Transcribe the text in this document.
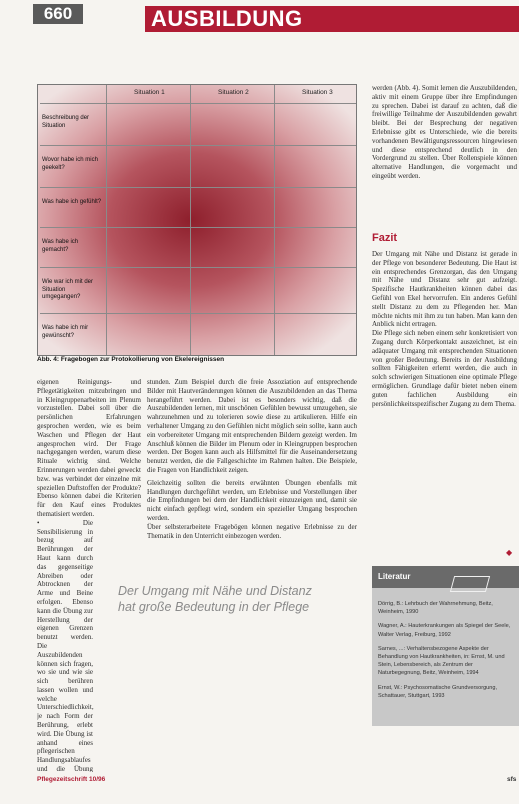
660	AUSBILDUNG
Situation 1	Situation 2	Situation 3
Beschreibung der Situation
Wovor habe ich mich geekelt?
Was habe ich gefühlt?
Was habe ich gemacht?
Wie war ich mit der Situation umgegangen?
Was habe ich mir gewünscht?
Abb. 4: Fragebogen zur Protokollierung von Ekelereignissen

eigenen Reinigungs- und Pflegetätigkeiten mitzubringen und in Kleingruppenarbeiten im Plenum vorzustellen. Dabei soll über die persönlichen Erfahrungen gesprochen werden, wie es beim Waschen und Pflegen der Haut angesprochen wird. Der Frage nachgegangen werden, warum diese Rituale wichtig sind. Welche Erinnerungen werden dabei geweckt bzw. was verbindet der einzelne mit speziellen Duftstoffen der Produkte? Ebenso können dabei die Kriterien für den Kauf eines Produktes thematisiert werden.

• Die Sensibilisierung in bezug auf Berührungen der Haut kann durch das gegenseitige Abreiben oder Abtrocknen der Arme und Beine erfolgen. Ebenso kann die Übung zur Herstellung der eigenen Grenzen benutzt werden. Die Auszubildenden können sich fragen, wo sie und wie sie sich berühren lassen wollen und welche Unterschiedlichkeit, je nach Form der Berührung, erlebt wird. Die Übung ist anhand eines pflegerischen Handlungsablaufes und die Übung

stunden. Zum Beispiel durch die freie Assoziation auf entsprechende Bilder mit Hautveränderungen können die Auszubildenden an das Thema herangeführt werden. Dabei ist es besonders wichtig, daß die Auszubildenden lernen, mit unschönen Gefühlen bewusst umzugehen, sie wahrzunehmen und zu tolerieren sowie diese zu artikulieren. Hilfe ein verhaltener Umgang zu den Gefühlen nicht möglich sein sollte, kann auch ein vorbereiteter Umgang mit entsprechenden Bildern gezeigt werden. Im Anschluß können die Bilder im Plenum oder in Kleingruppen besprochen werden. Der Bogen kann auch als Hilfsmittel für die Auseinandersetzung benutzt werden, die die Fallgeschichte im Rahmen halten. Die Beispiele, die Fragen von Handlichkeit zeigen.

Gleichzeitig sollten die bereits erwähnten Übungen ebenfalls mit Handlungen durchgeführt werden, um Erlebnisse und Vorstellungen über die Empfindungen bei dem der Handlichkeit einzuzeigen und, damit sie nicht einfach gepflegt wird, sondern ein spezieller Umgang besprochen werden.

Über selbsterarbeitete Fragebögen können negative Erlebnisse zu der Thematik in den Unterricht einbezogen werden.

Der Umgang mit Nähe und Distanz hat große Bedeutung in der Pflege

werden (Abb. 4). Somit lernen die Auszubildenden, aktiv mit einem Gruppe über ihre Empfindungen zu sprechen. Dabei ist darauf zu achten, daß die freiwillige Teilnahme der Auszubildenden gewahrt bleibt. Bei der Besprechung der negativen Erlebnisse gibt es Unterschiede, wie die bereits vorhandenen Bewältigungsressourcen hingewiesen und diese entsprechend deutlich in den Vordergrund zu stellen. Über Rollenspiele können alternative Handlungen, die vorgemacht und eingeübt werden.

Fazit

Der Umgang mit Nähe und Distanz ist gerade in der Pflege von besonderer Bedeutung. Die Haut ist ein entsprechendes Grenzorgan, das den Umgang mit Nähe und Distanz sehr gut aufzeigt. Spezifische Hautkrankheiten können dabei das Gefühl von Ekel hervorrufen. Ein anderes Gefühl stellt Distanz zu dem zu Pflegenden her. Man möchte nichts mit ihm zu tun haben. Man kann den Anblick nicht ertragen.

Die Pflege sich neben einem sehr konkretisiert von Zugang durch Körperkontakt auszeichnet, ist ein adäquater Umgang mit entsprechenden Situationen von großer Bedeutung. Bereits in der Ausbildung sollten Fähigkeiten erlernt werden, die auch in solch schwierigen Situationen eine optimale Pflege ermöglichen. Grundlage dafür bietet neben einem guten fachlichen Ausbildung ein persönlichkeitsspezifischer Zugang zu dem Thema.

◆
Literatur

Dörrig, B.: Lehrbuch der Wahrnehmung, Beitz, Weinheim, 1990

Wagner, A.: Hauterkrankungen als Spiegel der Seele, Walter Verlag, Freiburg, 1992

Sarnes, ...: Verhaltensbezogene Aspekte der Behandlung von Hautkrankheiten, in: Ernst, M. und Stein, Lebensbereich, als Zentrum der Naturbegegnung, Beitz, Weinheim, 1994

Ernst, W.: Psychosomatische Grundversorgung, Schattauer, Stuttgart, 1993

Pflegezeitschrift 10/96	sfs
